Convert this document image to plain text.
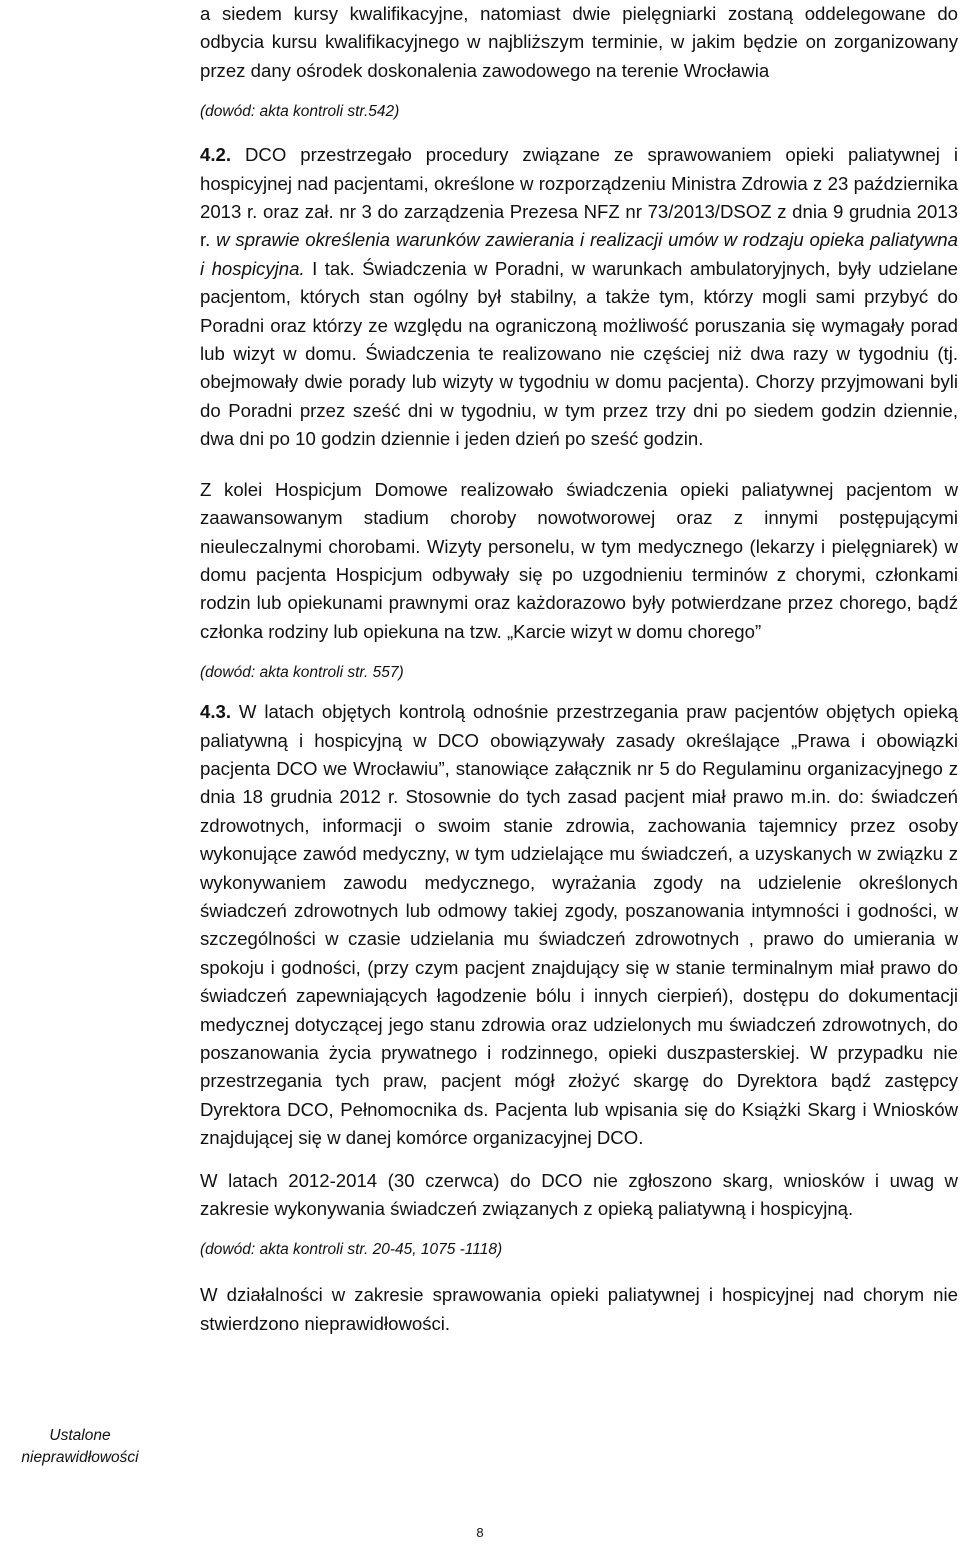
a siedem kursy kwalifikacyjne, natomiast dwie pielęgniarki zostaną oddelegowane do odbycia kursu kwalifikacyjnego w najbliższym terminie, w jakim będzie on zorganizowany przez dany ośrodek doskonalenia zawodowego na terenie Wrocławia

(dowód: akta kontroli str.542)

4.2. DCO przestrzegało procedury związane ze sprawowaniem opieki paliatywnej i hospicyjnej nad pacjentami, określone w rozporządzeniu Ministra Zdrowia z 23 października 2013 r. oraz zał. nr 3 do zarządzenia Prezesa NFZ nr 73/2013/DSOZ z dnia 9 grudnia 2013 r. w sprawie określenia warunków zawierania i realizacji umów w rodzaju opieka paliatywna i hospicyjna. I tak. Świadczenia w Poradni, w warunkach ambulatoryjnych, były udzielane pacjentom, których stan ogólny był stabilny, a także tym, którzy mogli sami przybyć do Poradni oraz którzy ze względu na ograniczoną możliwość poruszania się wymagały porad lub wizyt w domu. Świadczenia te realizowano nie częściej niż dwa razy w tygodniu (tj. obejmowały dwie porady lub wizyty w tygodniu w domu pacjenta). Chorzy przyjmowani byli do Poradni przez sześć dni w tygodniu, w tym przez trzy dni po siedem godzin dziennie, dwa dni po 10 godzin dziennie i jeden dzień po sześć godzin.

Z kolei Hospicjum Domowe realizowało świadczenia opieki paliatywnej pacjentom w zaawansowanym stadium choroby nowotworowej oraz z innymi postępującymi nieuleczalnymi chorobami. Wizyty personelu, w tym medycznego (lekarzy i pielęgniarek) w domu pacjenta Hospicjum odbywały się po uzgodnieniu terminów z chorymi, członkami rodzin lub opiekunami prawnymi oraz każdorazowo były potwierdzane przez chorego, bądź członka rodziny lub opiekuna na tzw. „Karcie wizyt w domu chorego”

(dowód: akta kontroli str. 557)

4.3. W latach objętych kontrolą odnośnie przestrzegania praw pacjentów objętych opieką paliatywną i hospicyjną w DCO obowiązywały zasady określające „Prawa i obowiązki pacjenta DCO we Wrocławiu”, stanowiące załącznik nr 5 do Regulaminu organizacyjnego z dnia 18 grudnia 2012 r. Stosownie do tych zasad pacjent miał prawo m.in. do: świadczeń zdrowotnych, informacji o swoim stanie zdrowia, zachowania tajemnicy przez osoby wykonujące zawód medyczny, w tym udzielające mu świadczeń, a uzyskanych w związku z wykonywaniem zawodu medycznego, wyrażania zgody na udzielenie określonych świadczeń zdrowotnych lub odmowy takiej zgody, poszanowania intymności i godności, w szczególności w czasie udzielania mu świadczeń zdrowotnych , prawo do umierania w spokoju i godności, (przy czym pacjent znajdujący się w stanie terminalnym miał prawo do świadczeń zapewniających łagodzenie bólu i innych cierpień), dostępu do dokumentacji medycznej dotyczącej jego stanu zdrowia oraz udzielonych mu świadczeń zdrowotnych, do poszanowania życia prywatnego i rodzinnego, opieki duszpasterskiej. W przypadku nie przestrzegania tych praw, pacjent mógł złożyć skargę do Dyrektora bądź zastępcy Dyrektora DCO, Pełnomocnika ds. Pacjenta lub wpisania się do Książki Skarg i Wniosków znajdującej się w danej komórce organizacyjnej DCO.

W latach 2012-2014 (30 czerwca) do DCO nie zgłoszono skarg, wniosków i uwag w zakresie wykonywania świadczeń związanych z opieką paliatywną i hospicyjną.

(dowód: akta kontroli str. 20-45, 1075 -1118)

W działalności w zakresie sprawowania opieki paliatywnej i hospicyjnej nad chorym nie stwierdzono nieprawidłowości.

Ustalone nieprawidłowości
8
